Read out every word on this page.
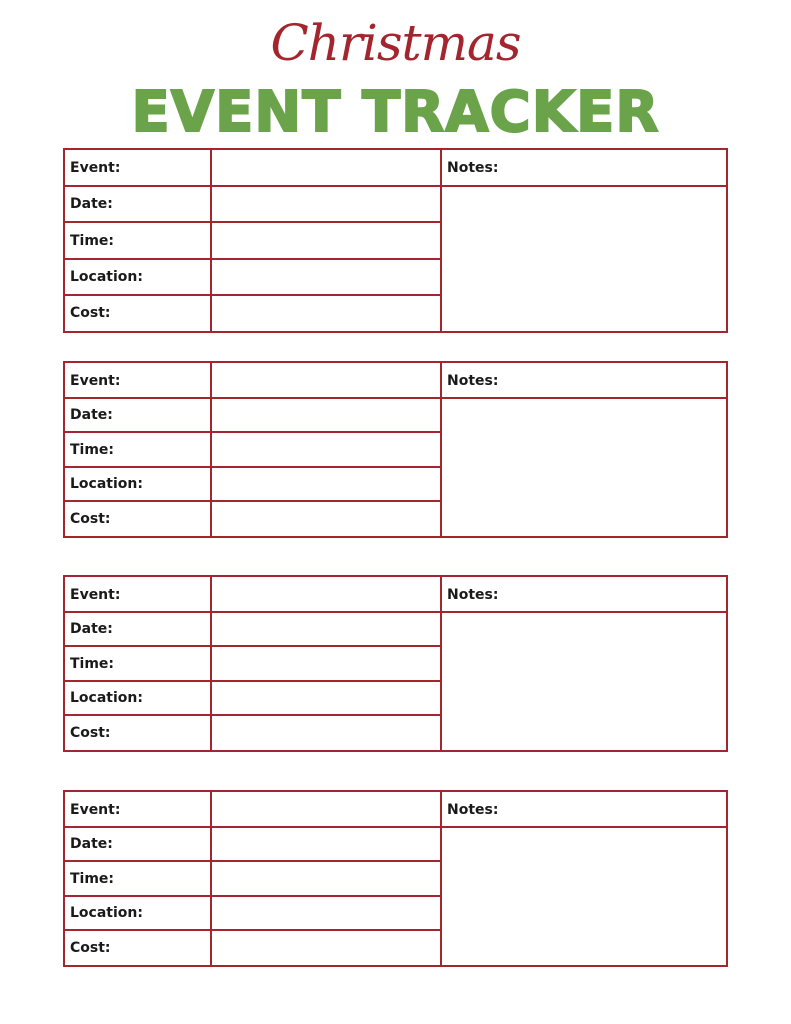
Christmas
EVENT TRACKER
Event:
Date:
Time:
Location:
Cost:
Notes:
Event:
Date:
Time:
Location:
Cost:
Notes:
Event:
Date:
Time:
Location:
Cost:
Notes:
Event:
Date:
Time:
Location:
Cost:
Notes:
